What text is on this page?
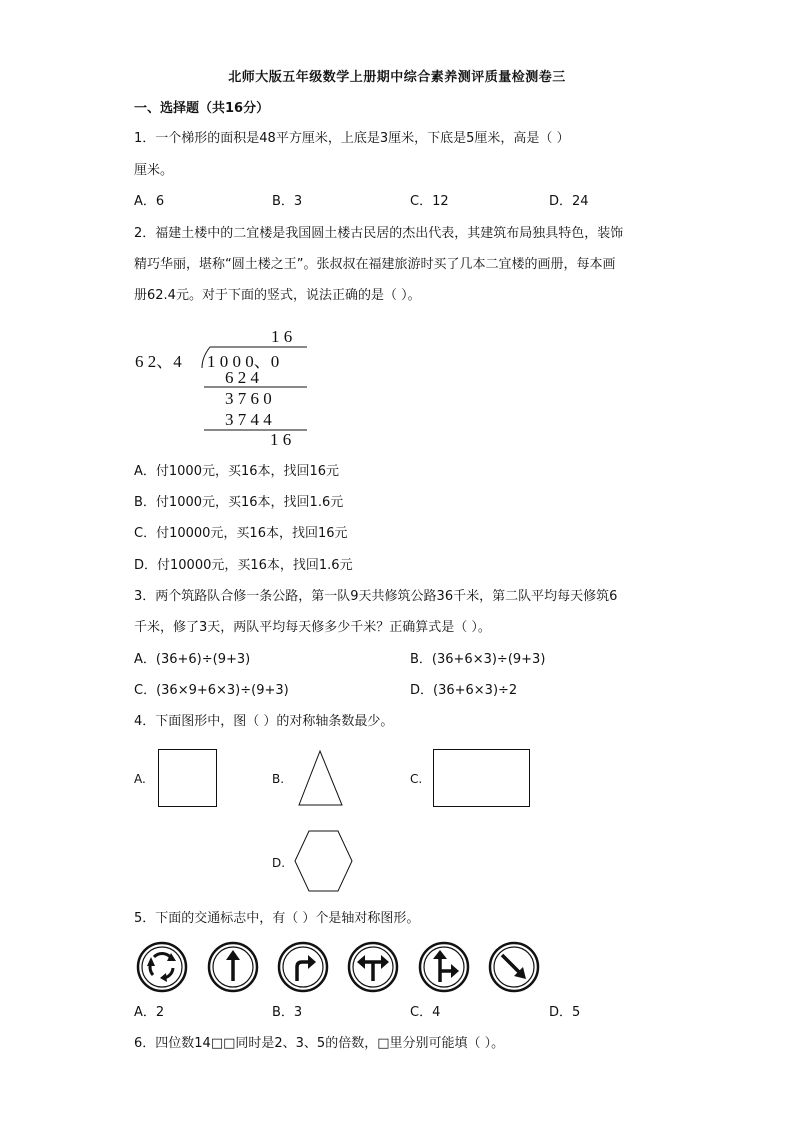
北师大版五年级数学上册期中综合素养测评质量检测卷三
一、选择题（共16分）
1．一个梯形的面积是48平方厘米，上底是3厘米，下底是5厘米，高是（ ）
厘米。
A．6	B．3	C．12	D．24
2．福建土楼中的二宜楼是我国圆土楼古民居的杰出代表，其建筑布局独具特色，装饰
精巧华丽，堪称“圆土楼之王”。张叔叔在福建旅游时买了几本二宜楼的画册，每本画
册62.4元。对于下面的竖式，说法正确的是（ ）。
1 6
6 2、4 1 0 0 0、0
6 2 4
3 7 6 0
3 7 4 4
1 6
A．付1000元，买16本，找回16元
B．付1000元，买16本，找回1.6元
C．付10000元，买16本，找回16元
D．付10000元，买16本，找回1.6元
3．两个筑路队合修一条公路，第一队9天共修筑公路36千米，第二队平均每天修筑6
千米，修了3天，两队平均每天修多少千米？正确算式是（ ）。
A．(36+6)÷(9+3)	B．(36+6×3)÷(9+3)
C．(36×9+6×3)÷(9+3)	D．(36+6×3)÷2
4．下面图形中，图（ ）的对称轴条数最少。
A.	B.	C.
D.
5．下面的交通标志中，有（ ）个是轴对称图形。
A．2	B．3	C．4	D．5
6．四位数14□□同时是2、3、5的倍数，□里分别可能填（ ）。
